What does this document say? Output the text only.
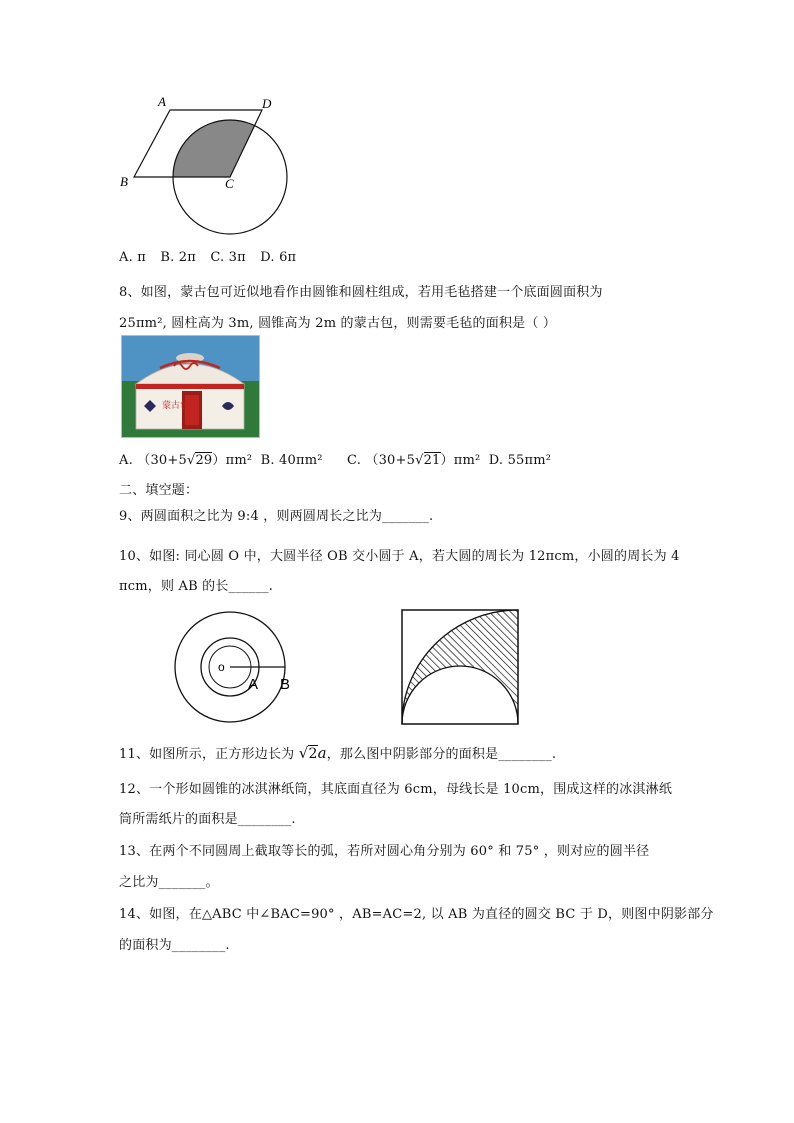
A	D
B	C
A. π B. 2π C. 3π D. 6π
8、如图，蒙古包可近似地看作由圆锥和圆柱组成，若用毛毡搭建一个底面圆面积为
25πm², 圆柱高为 3m, 圆锥高为 2m 的蒙古包，则需要毛毡的面积是（ ）
蒙古包
A. （30+5√29）πm² B. 40πm² C. （30+5√21）πm² D. 55πm²
二、填空题：
9、两圆面积之比为 9:4 ，则两圆周长之比为_______.
10、如图: 同心圆 O 中，大圆半径 OB 交小圆于 A，若大圆的周长为 12πcm，小圆的周长为 4
πcm，则 AB 的长______.
o
A B
11、如图所示，正方形边长为 √2a，那么图中阴影部分的面积是________.
12、一个形如圆锥的冰淇淋纸筒，其底面直径为 6cm，母线长是 10cm，围成这样的冰淇淋纸
筒所需纸片的面积是________.
13、在两个不同圆周上截取等长的弧，若所对圆心角分别为 60° 和 75° ，则对应的圆半径
之比为_______。
14、如图，在△ABC 中∠BAC=90° ，AB=AC=2, 以 AB 为直径的圆交 BC 于 D，则图中阴影部分
的面积为________.
